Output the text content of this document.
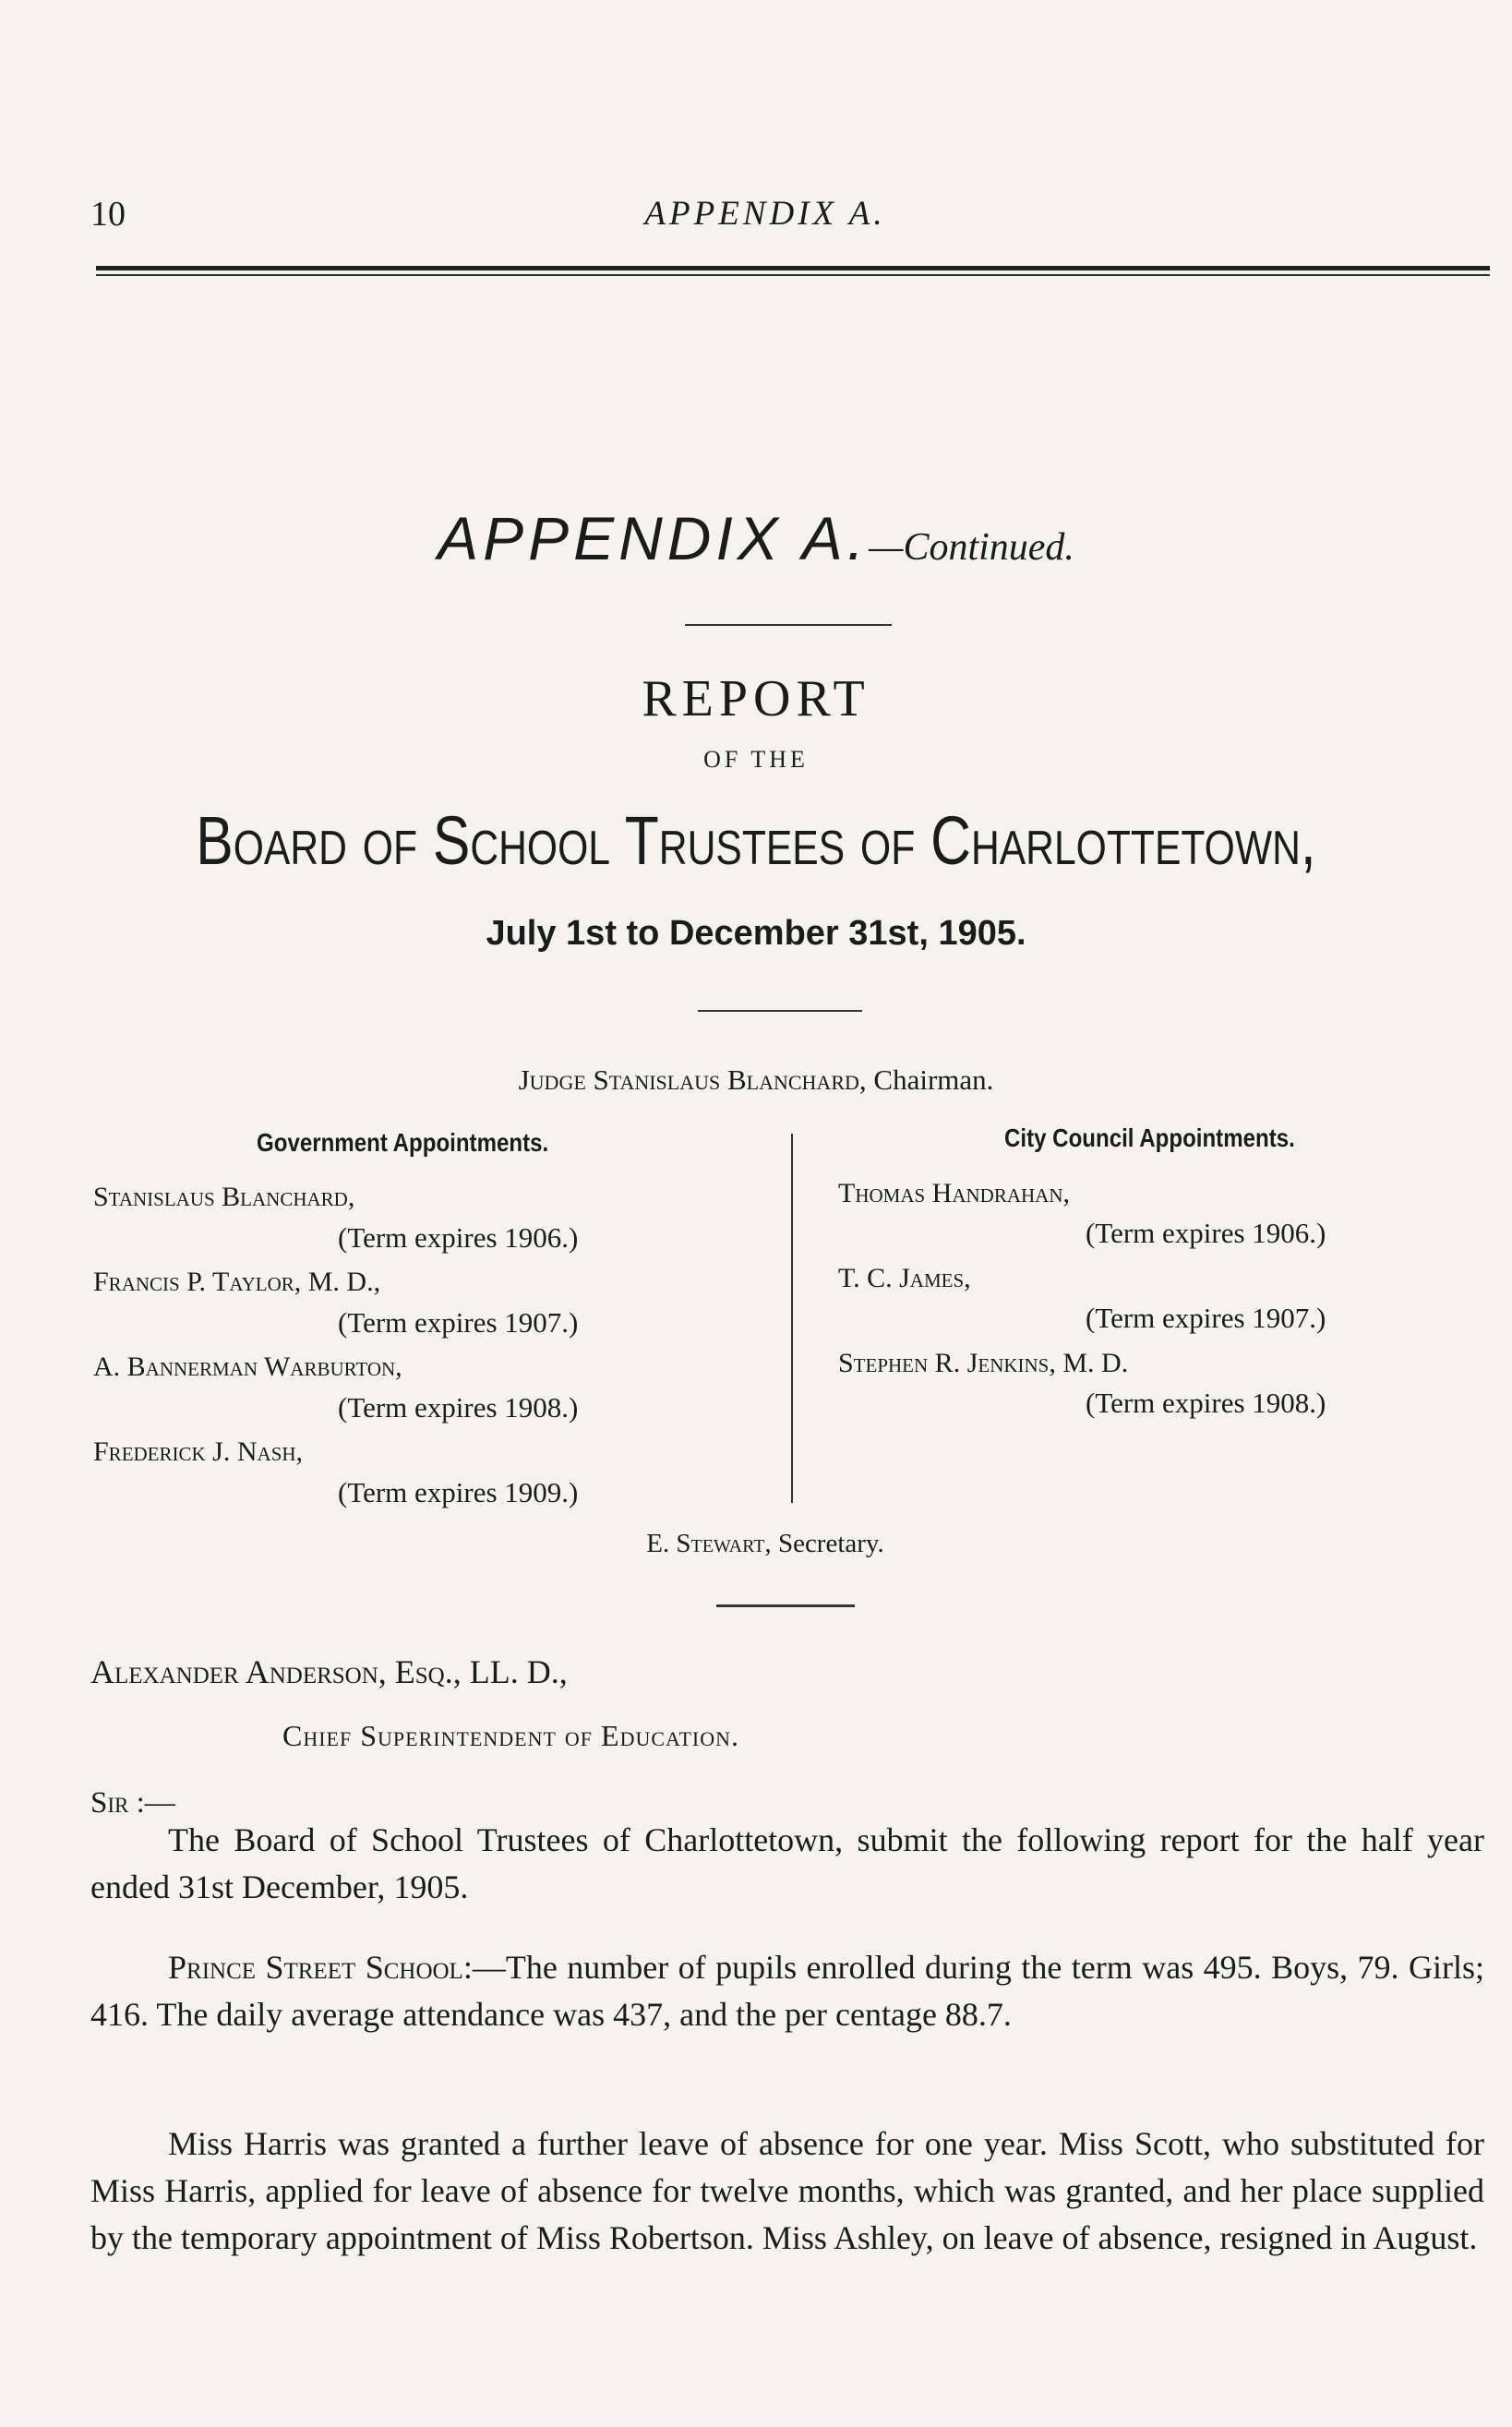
10	APPENDIX A.
APPENDIX A.—Continued.
REPORT
OF THE
Board of School Trustees of Charlottetown,
July 1st to December 31st, 1905.
Judge Stanislaus Blanchard, Chairman.
Government Appointments.	City Council Appointments.
Stanislaus Blanchard,
(Term expires 1906.)
Francis P. Taylor, M. D.,
(Term expires 1907.)
A. Bannerman Warburton,
(Term expires 1908.)
Frederick J. Nash,
(Term expires 1909.)
Thomas Handrahan,
(Term expires 1906.)
T. C. James,
(Term expires 1907.)
Stephen R. Jenkins, M. D.
(Term expires 1908.)
E. Stewart, Secretary.
Alexander Anderson, Esq., LL. D.,
Chief Superintendent of Education.
Sir :—

The Board of School Trustees of Charlottetown, submit the following report for the half year ended 31st December, 1905.

Prince Street School:—The number of pupils enrolled during the term was 495. Boys, 79. Girls; 416. The daily average attendance was 437, and the per centage 88.7.

Miss Harris was granted a further leave of absence for one year. Miss Scott, who substituted for Miss Harris, applied for leave of absence for twelve months, which was granted, and her place supplied by the temporary appointment of Miss Robertson. Miss Ashley, on leave of absence, resigned in August.
